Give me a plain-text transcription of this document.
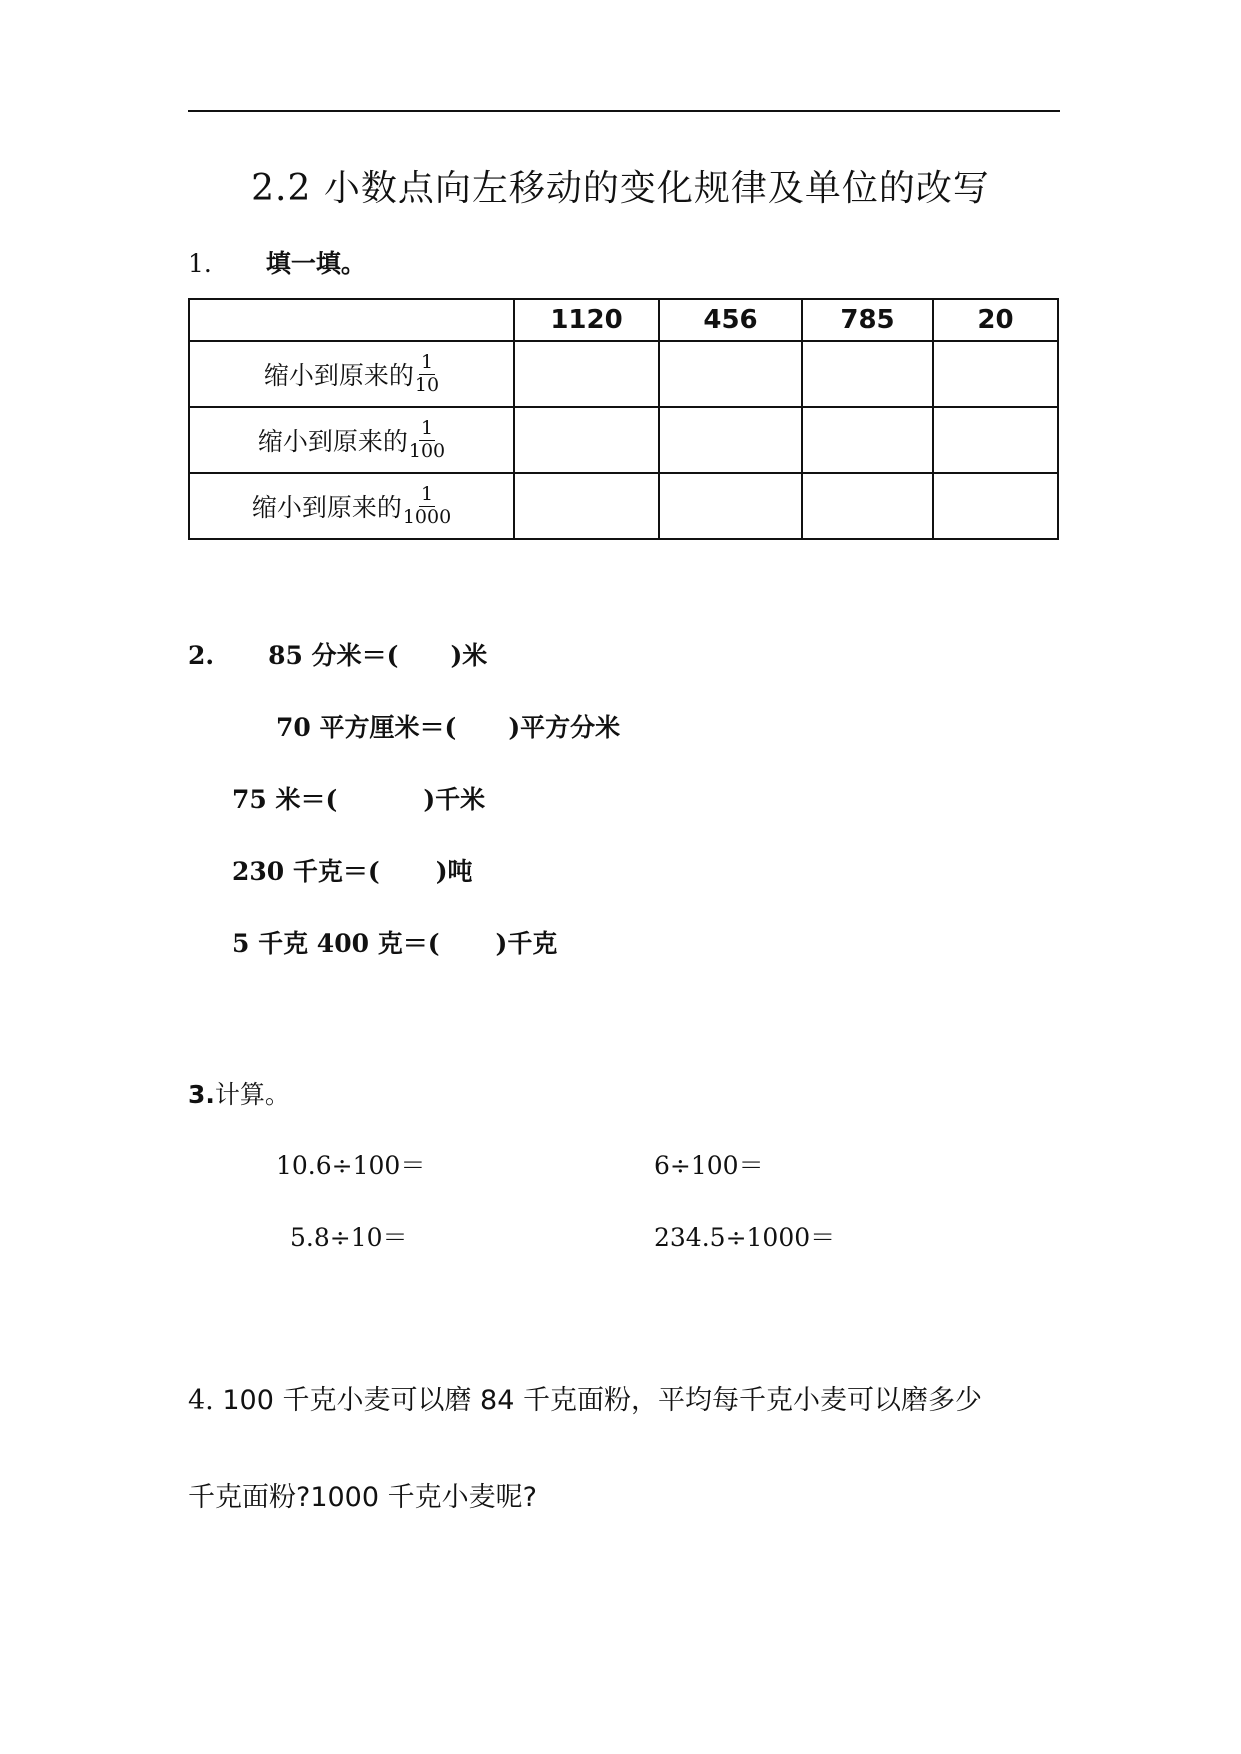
2.2 小数点向左移动的变化规律及单位的改写
1. 填一填。
	1120	456	785	20

缩小到原来的 $\frac{1}{10}$

缩小到原来的 $\frac{1}{100}$

缩小到原来的 $\frac{1}{1000}$

2. 85 分米＝( )米
70 平方厘米＝( )平方分米
75 米＝(	)千米
230 千克＝( )吨
5 千克 400 克＝( )千克
3.计算。
10.6÷100＝	6÷100＝
5.8÷10＝	234.5÷1000＝
4. 100 千克小麦可以磨 84 千克面粉，平均每千克小麦可以磨多少
千克面粉?1000 千克小麦呢?
